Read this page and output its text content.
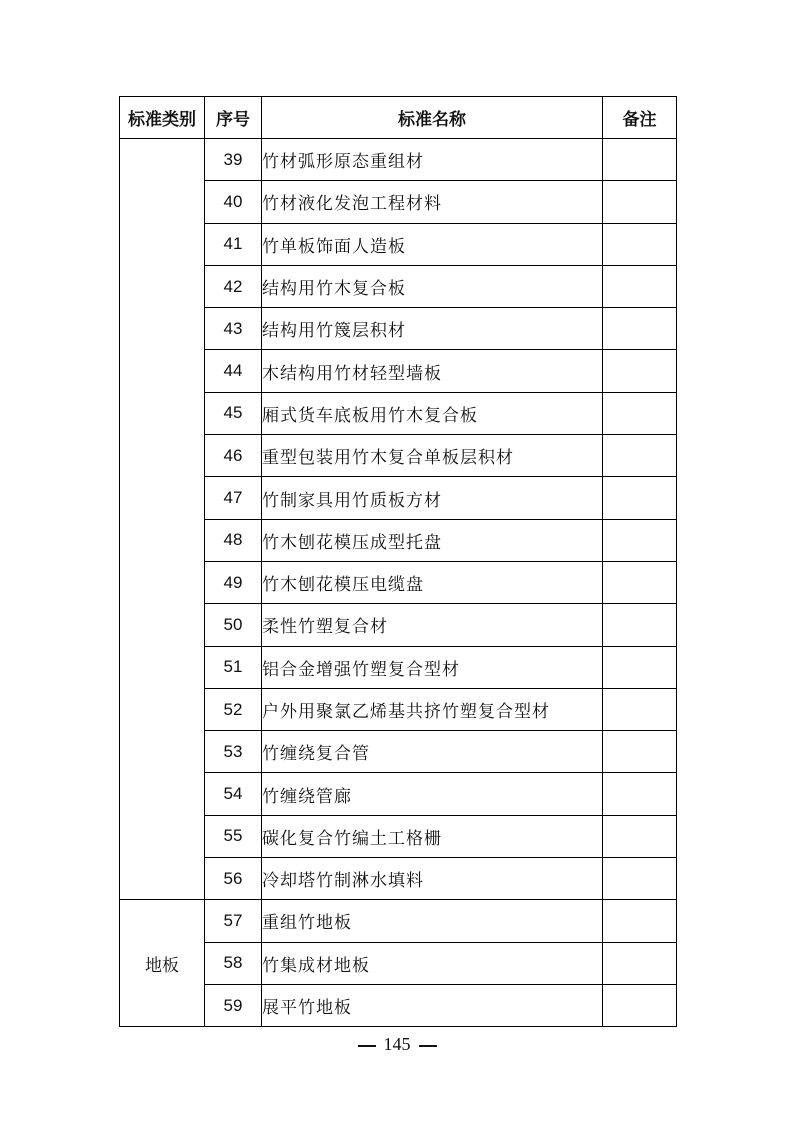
标准类别	序号	标准名称	备注
	39	竹材弧形原态重组材	
	40	竹材液化发泡工程材料	
	41	竹单板饰面人造板	
	42	结构用竹木复合板	
	43	结构用竹篾层积材	
	44	木结构用竹材轻型墙板	
	45	厢式货车底板用竹木复合板	
	46	重型包装用竹木复合单板层积材	
	47	竹制家具用竹质板方材	
	48	竹木刨花模压成型托盘	
	49	竹木刨花模压电缆盘	
	50	柔性竹塑复合材	
	51	铝合金增强竹塑复合型材	
	52	户外用聚氯乙烯基共挤竹塑复合型材	
	53	竹缠绕复合管	
	54	竹缠绕管廊	
	55	碳化复合竹编土工格栅	
	56	冷却塔竹制淋水填料	
地板	57	重组竹地板	
	58	竹集成材地板	
	59	展平竹地板	
145
